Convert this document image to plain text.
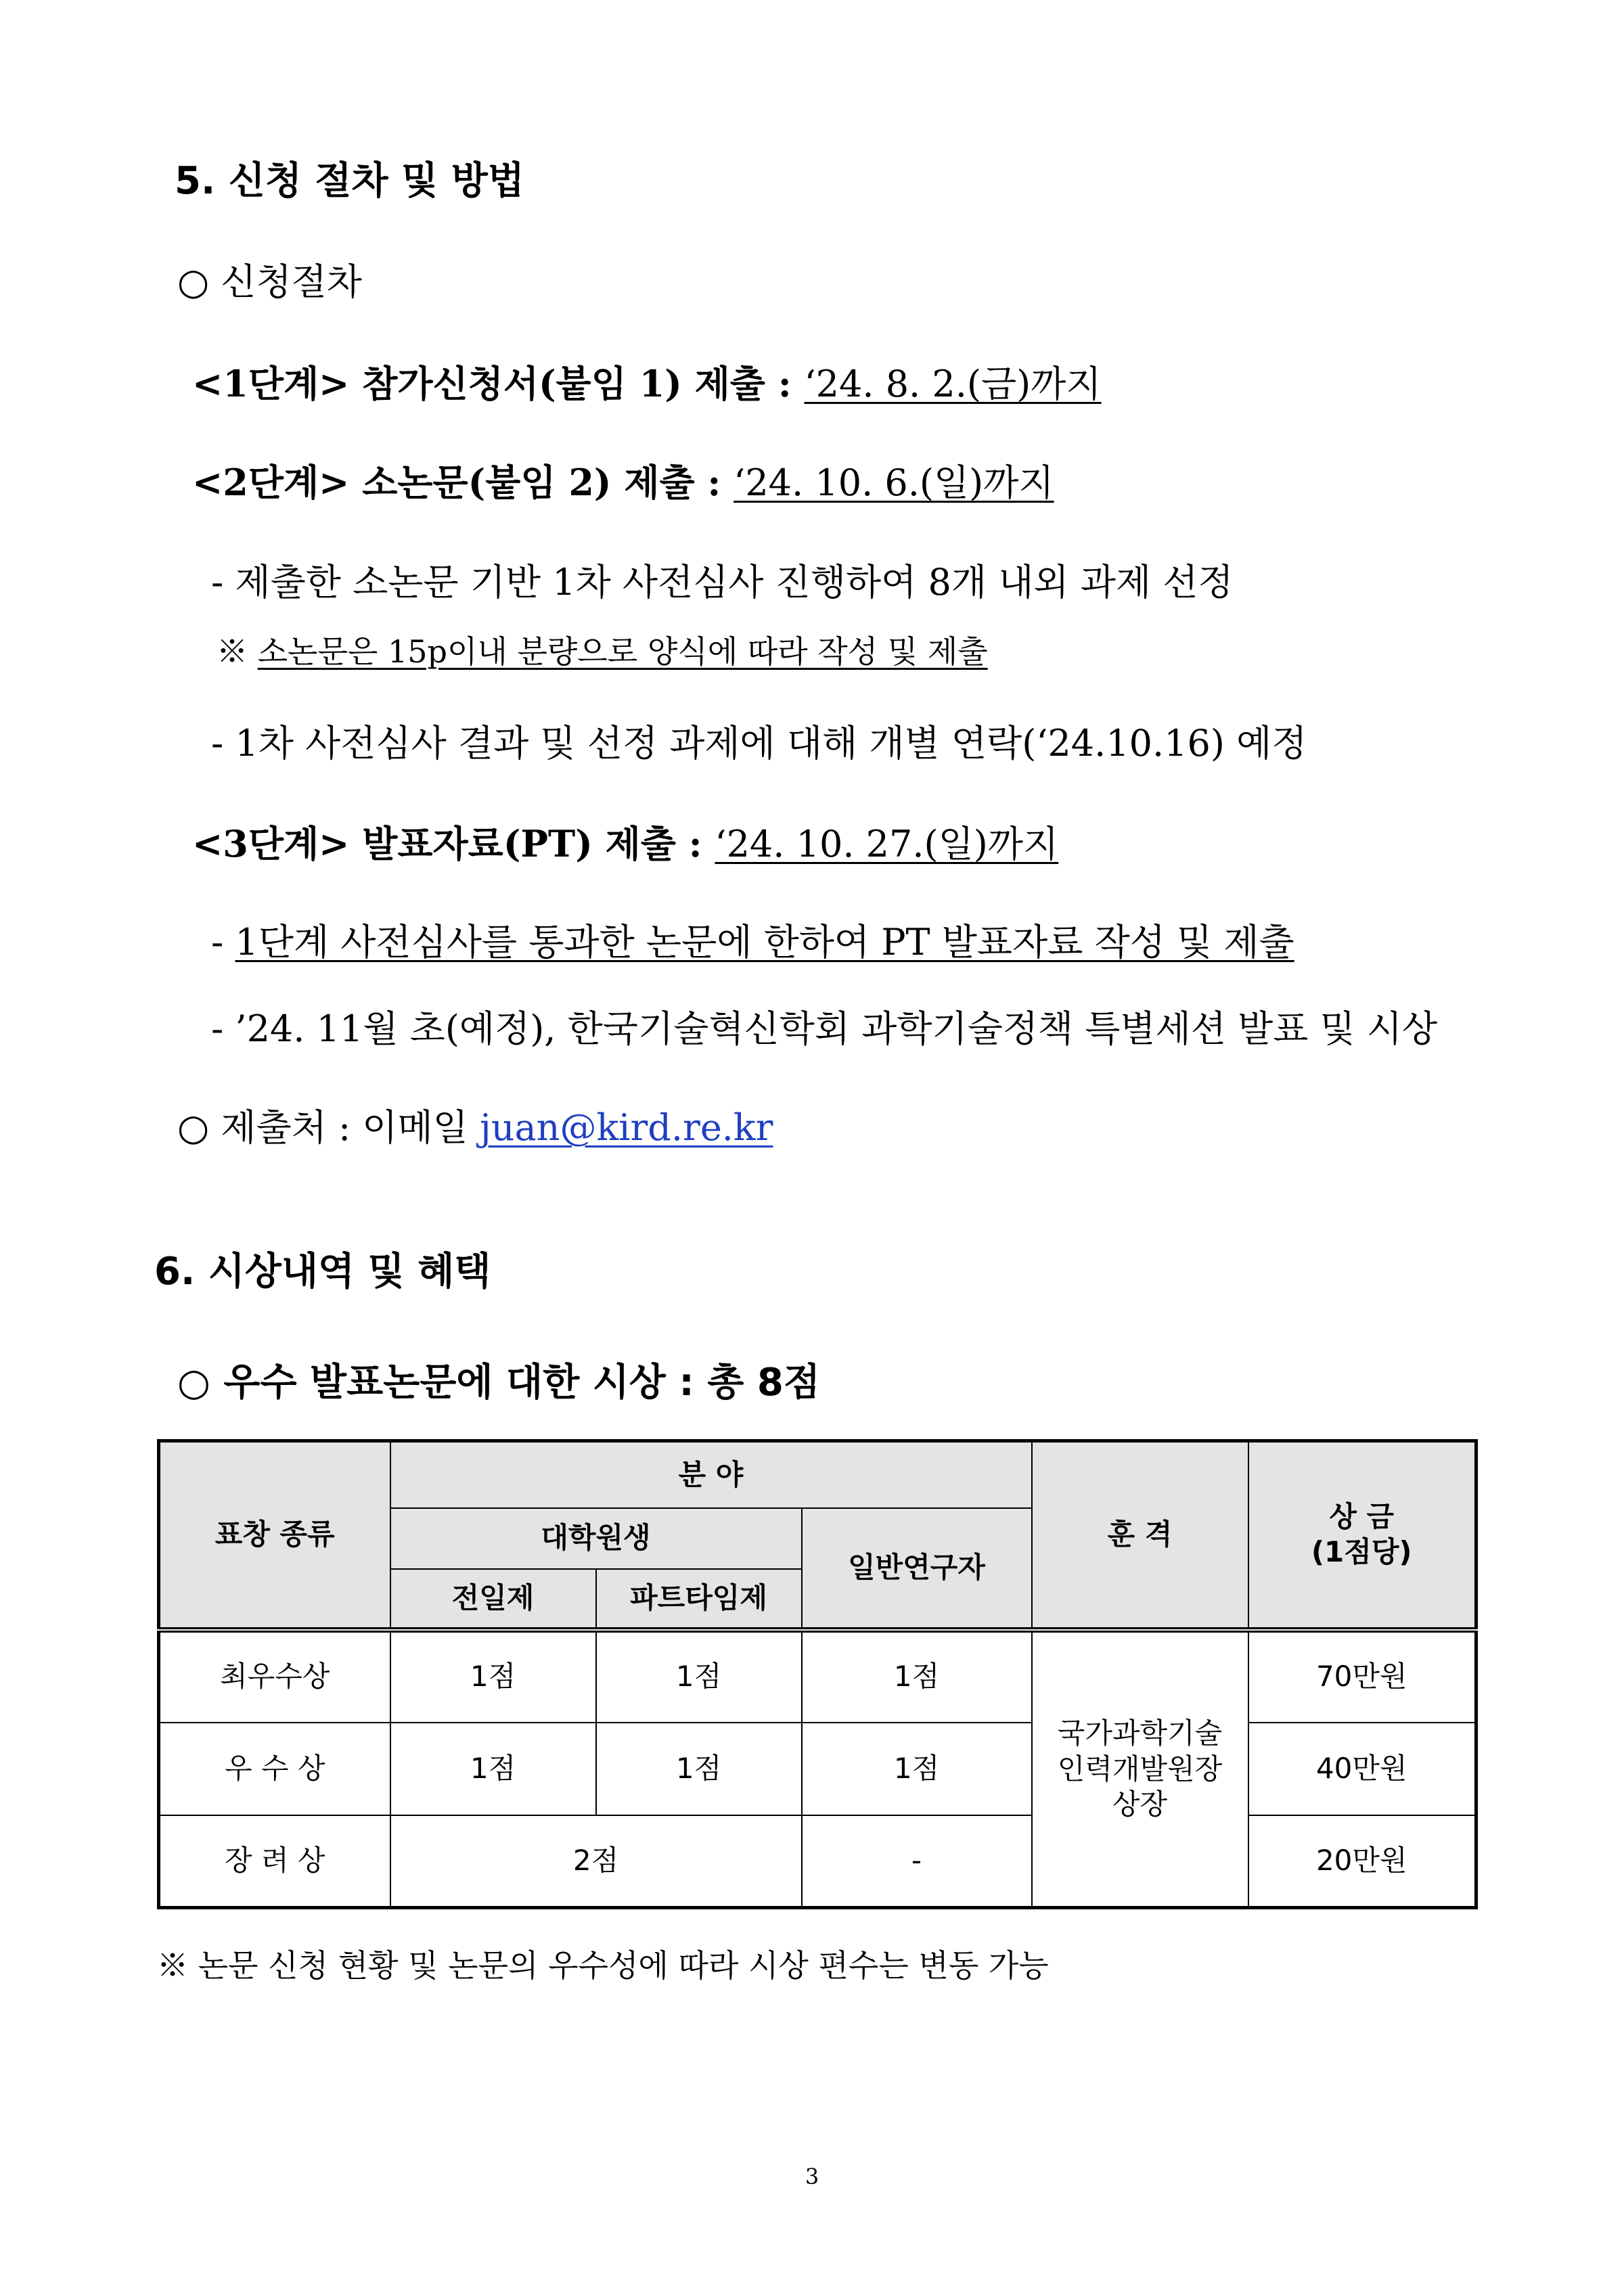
5. 신청 절차 및 방법
○ 신청절차
<1단계> 참가신청서(붙임 1) 제출 : ‘24. 8. 2.(금)까지
<2단계> 소논문(붙임 2) 제출 : ‘24. 10. 6.(일)까지
- 제출한 소논문 기반 1차 사전심사 진행하여 8개 내외 과제 선정
※ 소논문은 15p이내 분량으로 양식에 따라 작성 및 제출
- 1차 사전심사 결과 및 선정 과제에 대해 개별 연락(‘24.10.16) 예정
<3단계> 발표자료(PT) 제출 : ‘24. 10. 27.(일)까지
- 1단계 사전심사를 통과한 논문에 한하여 PT 발표자료 작성 및 제출
- ’24. 11월 초(예정), 한국기술혁신학회 과학기술정책 특별세션 발표 및 시상
○ 제출처 : 이메일 juan@kird.re.kr
6. 시상내역 및 혜택
○ 우수 발표논문에 대한 시상 : 총 8점
표창 종류	분 야			훈 격	상 금
(1점당)

	대학원생		일반연구자		
	전일제	파트타임제			
최우수상	1점	1점	1점	국가과학기술
인력개발원장
상장	70만원
우 수 상	1점	1점	1점		40만원
장 려 상	2점		-		20만원
※ 논문 신청 현황 및 논문의 우수성에 따라 시상 편수는 변동 가능
3
